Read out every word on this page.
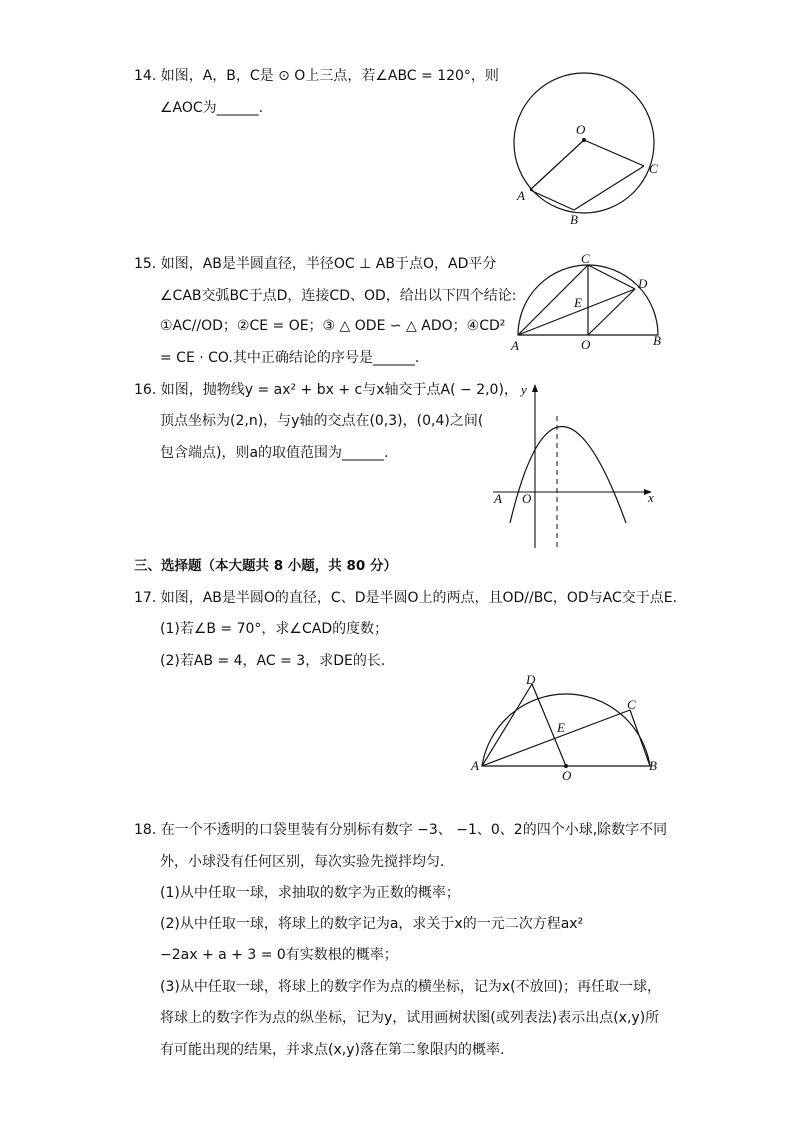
14. 如图，A，B，C是 ⊙ O上三点，若∠ABC = 120°，则
∠AOC为______.
O
A
B
C
15. 如图，AB是半圆直径，半径OC ⊥ AB于点O，AD平分
∠CAB交弧BC于点D，连接CD、OD，给出以下四个结论:
①AC//OD；②CE = OE；③ △ ODE ∽ △ ADO；④CD²
= CE · CO.其中正确结论的序号是______.
C
D
E
A	O	B
16. 如图，抛物线y = ax² + bx + c与x轴交于点A( − 2,0)，
顶点坐标为(2,n)，与y轴的交点在(0,3)，(0,4)之间(
包含端点)，则a的取值范围为______.
y
x
A O
三、选择题（本大题共 8 小题，共 80 分）
17. 如图，AB是半圆O的直径，C、D是半圆O上的两点，且OD//BC，OD与AC交于点E.
(1)若∠B = 70°，求∠CAD的度数；
(2)若AB = 4，AC = 3，求DE的长.
D
C
E
A
O
B
18. 在一个不透明的口袋里装有分别标有数字 −3、 −1、0、2的四个小球,除数字不同
外，小球没有任何区别，每次实验先搅拌均匀.
(1)从中任取一球，求抽取的数字为正数的概率；
(2)从中任取一球，将球上的数字记为a，求关于x的一元二次方程ax²
−2ax + a + 3 = 0有实数根的概率；
(3)从中任取一球，将球上的数字作为点的横坐标，记为x(不放回)；再任取一球，
将球上的数字作为点的纵坐标，记为y，试用画树状图(或列表法)表示出点(x,y)所
有可能出现的结果，并求点(x,y)落在第二象限内的概率.
